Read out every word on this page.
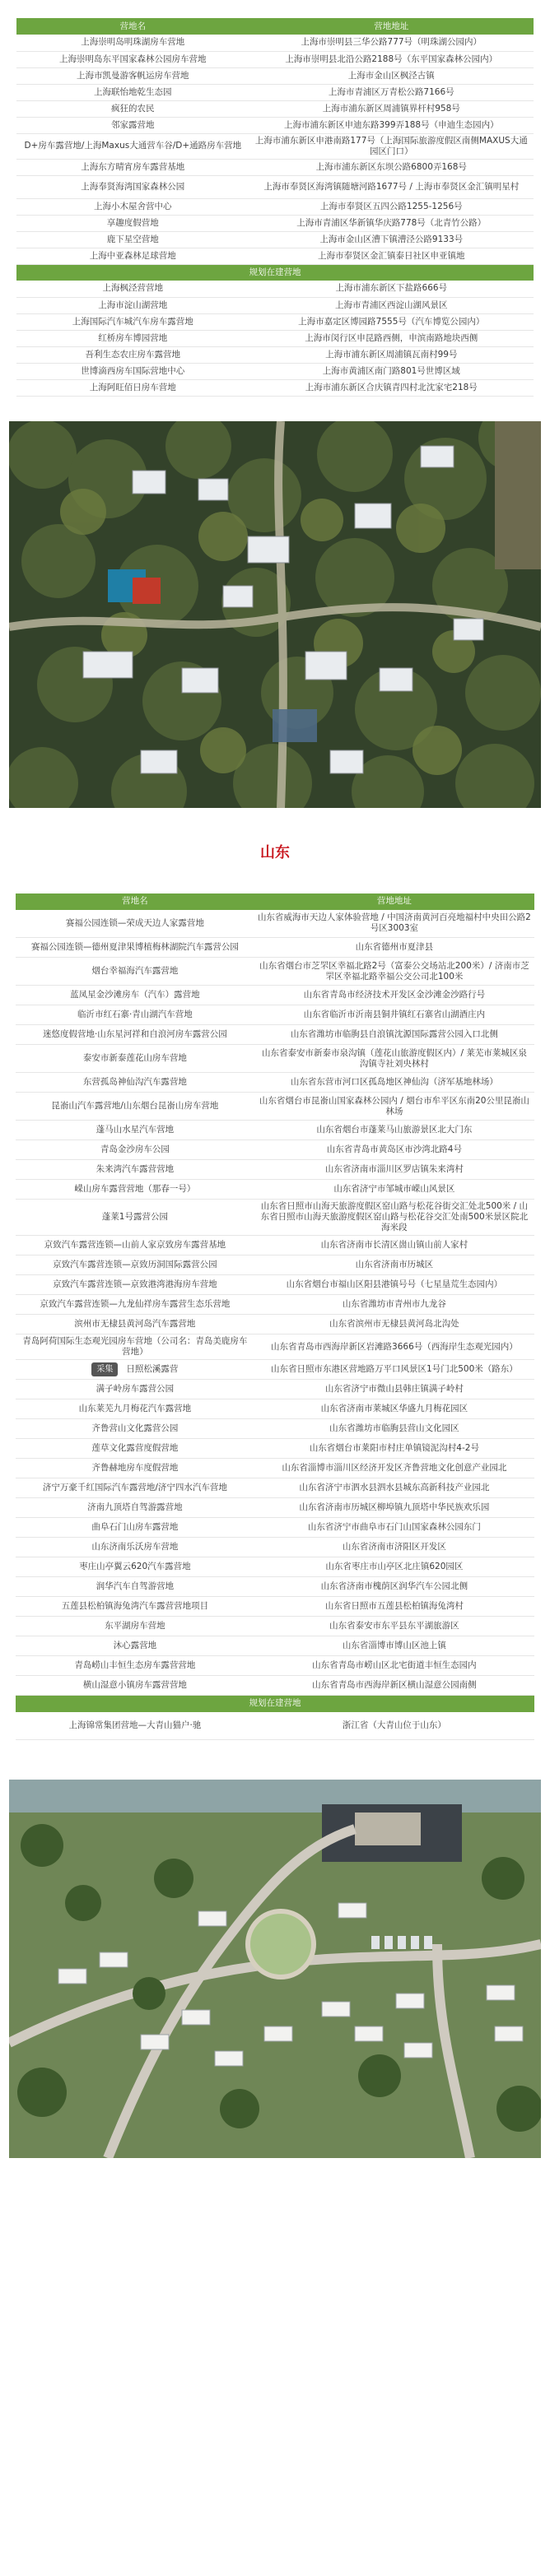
营地名	营地地址
上海崇明岛明珠湖房车营地	上海市崇明县三华公路777号（明珠湖公园内）
上海崇明岛东平国家森林公园房车营地	上海市崇明县北沿公路2188号（东平国家森林公园内）
上海市凯曼游客帆运房车营地	上海市金山区枫泾古镇
上海联怡地乾生态园	上海市青浦区万青松公路7166号
疯狂的农民	上海市浦东新区周浦镇界杆村958号
邻家露营地	上海市浦东新区申迪东路399弄188号（申迪生态园内）
D+房车露营地/上海Maxus大通营车谷/D+通路房车营地	上海市浦东新区申港南路177号（上海国际旅游度假区南侧MAXUS大通园区门口）
上海东方晴宵房车露营基地	上海市浦东新区东坝公路6800弄168号
上海奉贤海湾国家森林公园	上海市奉贤区海湾镇随塘河路1677号 / 上海市奉贤区金汇镇明星村
上海小木屋舍营中心	上海市奉贤区五四公路1255-1256号
享趣度假营地	上海市青浦区华新镇华庆路778号（北青竹公路）
鹿下星空营地	上海市金山区漕下镇漕泾公路9133号
上海中亚森林足球营地	上海市奉贤区金汇镇泰日社区申亚镇地
规划在建营地	
上海枫泾营营地	上海市浦东新区下盐路666号
上海市淀山湖营地	上海市青浦区西淀山湖风景区
上海国际汽车城汽车房车露营地	上海市嘉定区博园路7555号（汽车博览公园内）
红桥房车博园营地	上海市闵行区申昆路西侧，申滨南路地块西侧
吾利生态农庄房车露营地	上海市浦东新区周浦镇瓦南村99号
世博滴西房车国际营地中心	上海市黄浦区南门路801号世博区域
上海阿旺佰日房车营地	上海市浦东新区合庆镇青四村北沈家宅218号
山东
营地名	营地地址
赛福公园连锁—荣成天边人家露营地	山东省威海市天边人家体验营地 / 中国济南黄河百亮地福村中央田公路2号区3003室
赛福公园连锁—德州夏津果博植梅林湖院汽车露营公园	山东省德州市夏津县
烟台幸福海汽车露营地	山东省烟台市芝罘区幸福北路2号（富泰公交场站北200米）/ 济南市芝罘区幸福北路幸福公交公司北100米
蓝凤星金沙滩房车（汽车）露营地	山东省青岛市经济技术开发区金沙滩金沙路行号
临沂市红石寨·青山湖汽车营地	山东省临沂市沂南县铜井镇红石寨省山湖酒庄内
迷悠度假营地·山东星河祥和自浪河房车露营公园	山东省潍坊市临朐县自浪镇沈源国际露营公园入口北侧
泰安市新泰莲花山房车营地	山东省泰安市新泰市泉沟镇（莲花山旅游度假区内）/ 莱芜市莱城区泉沟镇寺社刘央林村
东营孤岛神仙沟汽车露营地	山东省东营市河口区孤岛地区神仙沟（济军基地林场）
昆嵛山汽车露营地/山东烟台昆嵛山房车营地	山东省烟台市昆嵛山国家森林公园内 / 烟台市牟平区东南20公里昆嵛山林场
蓬马山水星汽车营地	山东省烟台市蓬莱马山旅游景区北大门东
青岛金沙房车公园	山东省青岛市黄岛区市沙湾北路4号
朱来湾汽车露营营地	山东省济南市淄川区罗店镇朱来湾村
嵘山房车露营营地（那春一号）	山东省济宁市邹城市嵘山风景区
蓬莱1号露营公园	山东省日照市山海天旅游度假区窑山路与松花谷街交汇处北500米 / 山东省日照市山海天旅游度假区窑山路与松花谷交汇处南500米景区院北海米段
京致汽车露营连锁—山前人家京致房车露营基地	山东省济南市长清区崮山镇山前人家村
京致汽车露营连锁—京致历洞国际露营公园	山东省济南市历城区
京致汽车露营连锁—京致港湾港海房车营地	山东省烟台市福山区阳县港镇号号（七星垦荒生态园内）
京致汽车露营连锁—九龙仙祥房车露营生态乐营地	山东省潍坊市青州市九龙谷
滨州市无棣县黄河岛汽车露营地	山东省滨州市无棣县黄河岛北沟处
青岛阿荷国际生态观光园房车营地（公司名：青岛美鹿房车营地）	山东省青岛市西海岸新区岩滩路3666号（西海岸生态观光园内）
采集 日照松溪露营	山东省日照市东港区营地路万平口风景区1号门北500米（路东）
满子岭房车露营公园	山东省济宁市微山县韩庄镇满子岭村
山东莱芜九月梅花汽车露营地	山东省济南市莱城区华盛九月梅花园区
齐鲁营山文化露营公园	山东省潍坊市临朐县营山文化园区
莲草文化露营度假营地	山东省烟台市莱阳市村庄单镇镜泥沟村4-2号
齐鲁赫地房车度假营地	山东省淄博市淄川区经济开发区齐鲁营地文化创意产业园北
济宁万豪千红国际汽车露营地/济宁四水汽车营地	山东省济宁市泗水县泗水县城东高新科技产业园北
济南九顶塔自驾游露营地	山东省济南市历城区柳埠镇九顶塔中华民族欢乐园
曲阜石门山房车露营地	山东省济宁市曲阜市石门山国家森林公园东门
山东济南乐沃房车营地	山东省济南市济阳区开发区
枣庄山亭翼云620汽车露营地	山东省枣庄市山亭区北庄镇620园区
润华汽车自驾游营地	山东省济南市槐荫区润华汽车公园北侧
五莲县松柏镇海兔湾汽车露营营地项目	山东省日照市五莲县松柏镇海兔湾村
东平湖房车营地	山东省泰安市东平县东平湖旅游区
沐心露营地	山东省淄博市博山区池上镇
青岛崂山丰恒生态房车露营营地	山东省青岛市崂山区北宅街道丰恒生态园内
横山湿意小镇房车露营营地	山东省青岛市西海岸新区横山湿意公园南侧
规划在建营地	
上海锦常集团营地—大青山猫户·驰	浙江省（大青山位于山东）
